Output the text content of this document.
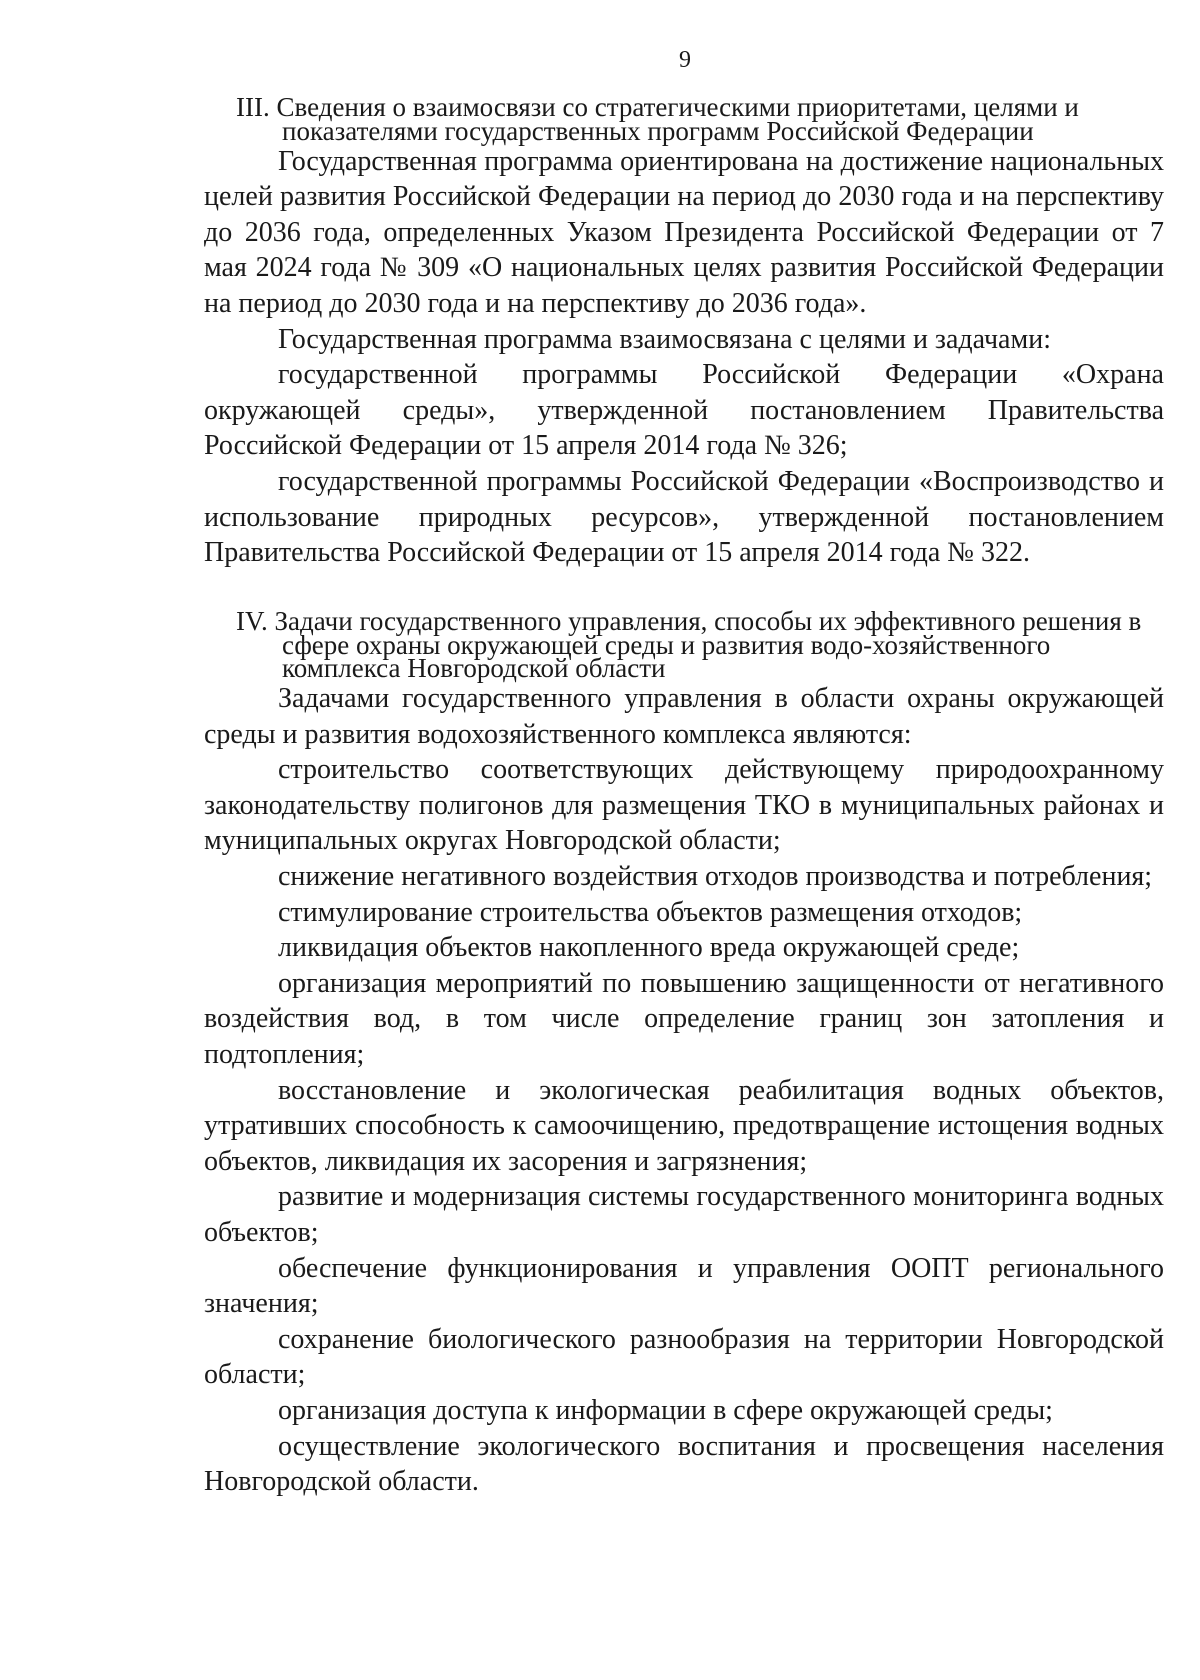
9
III. Сведения о взаимосвязи со стратегическими приоритетами, целями и показателями государственных программ Российской Федерации

Государственная программа ориентирована на достижение национальных целей развития Российской Федерации на период до 2030 года и на перспективу до 2036 года, определенных Указом Президента Российской Федерации от 7 мая 2024 года № 309 «О национальных целях развития Российской Федерации на период до 2030 года и на перспективу до 2036 года».

Государственная программа взаимосвязана с целями и задачами:

государственной программы Российской Федерации «Охрана окружающей среды», утвержденной постановлением Правительства Российской Федерации от 15 апреля 2014 года № 326;

государственной программы Российской Федерации «Воспроизводство и использование природных ресурсов», утвержденной постановлением Правительства Российской Федерации от 15 апреля 2014 года № 322.

IV. Задачи государственного управления, способы их эффективного решения в сфере охраны окружающей среды и развития водо-хозяйственного комплекса Новгородской области

Задачами государственного управления в области охраны окружающей среды и развития водохозяйственного комплекса являются:

строительство соответствующих действующему природоохранному законодательству полигонов для размещения ТКО в муниципальных районах и муниципальных округах Новгородской области;

снижение негативного воздействия отходов производства и потребления;

стимулирование строительства объектов размещения отходов;

ликвидация объектов накопленного вреда окружающей среде;

организация мероприятий по повышению защищенности от негативного воздействия вод, в том числе определение границ зон затопления и подтопления;

восстановление и экологическая реабилитация водных объектов, утративших способность к самоочищению, предотвращение истощения водных объектов, ликвидация их засорения и загрязнения;

развитие и модернизация системы государственного мониторинга водных объектов;

обеспечение функционирования и управления ООПТ регионального значения;

сохранение биологического разнообразия на территории Новгородской области;

организация доступа к информации в сфере окружающей среды;

осуществление экологического воспитания и просвещения населения Новгородской области.
